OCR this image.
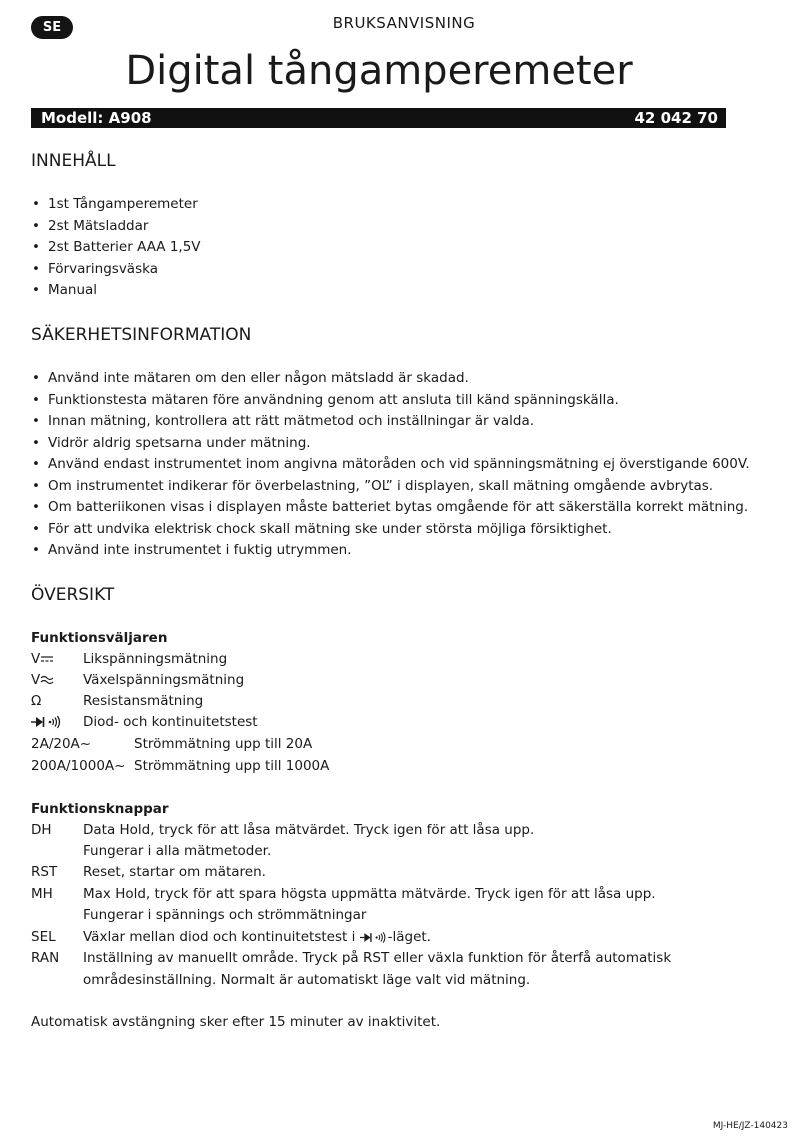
SE	BRUKSANVISNING
Digital tångamperemeter
Modell: A908	42 042 70
INNEHÅLL
• 1st Tångamperemeter
• 2st Mätsladdar
• 2st Batterier AAA 1,5V
• Förvaringsväska
• Manual
SÄKERHETSINFORMATION
• Använd inte mätaren om den eller någon mätsladd är skadad.
• Funktionstesta mätaren före användning genom att ansluta till känd spänningskälla.
• Innan mätning, kontrollera att rätt mätmetod och inställningar är valda.
• Vidrör aldrig spetsarna under mätning.
• Använd endast instrumentet inom angivna mätoråden och vid spänningsmätning ej överstigande 600V.
• Om instrumentet indikerar för överbelastning, ”OL” i displayen, skall mätning omgående avbrytas.
• Om batteriikonen visas i displayen måste batteriet bytas omgående för att säkerställa korrekt mätning.
• För att undvika elektrisk chock skall mätning ske under största möjliga försiktighet.
• Använd inte instrumentet i fuktig utrymmen.
ÖVERSIKT
Funktionsväljaren
V	Likspänningsmätning
V	Växelspänningsmätning
Ω	Resistansmätning
Diod- och kontinuitetstest
2A/20A~	Strömmätning upp till 20A
200A/1000A~ Strömmätning upp till 1000A
Funktionsknappar
DH Data Hold, tryck för att låsa mätvärdet. Tryck igen för att låsa upp.
Fungerar i alla mätmetoder.
RST Reset, startar om mätaren.
MH Max Hold, tryck för att spara högsta uppmätta mätvärde. Tryck igen för att låsa upp.
Fungerar i spännings och strömmätningar
SEL Växlar mellan diod och kontinuitetstest i -läget.
RAN Inställning av manuellt område. Tryck på RST eller växla funktion för återfå automatisk
områdesinställning. Normalt är automatiskt läge valt vid mätning.
Automatisk avstängning sker efter 15 minuter av inaktivitet.
MJ-HE/JZ-140423
